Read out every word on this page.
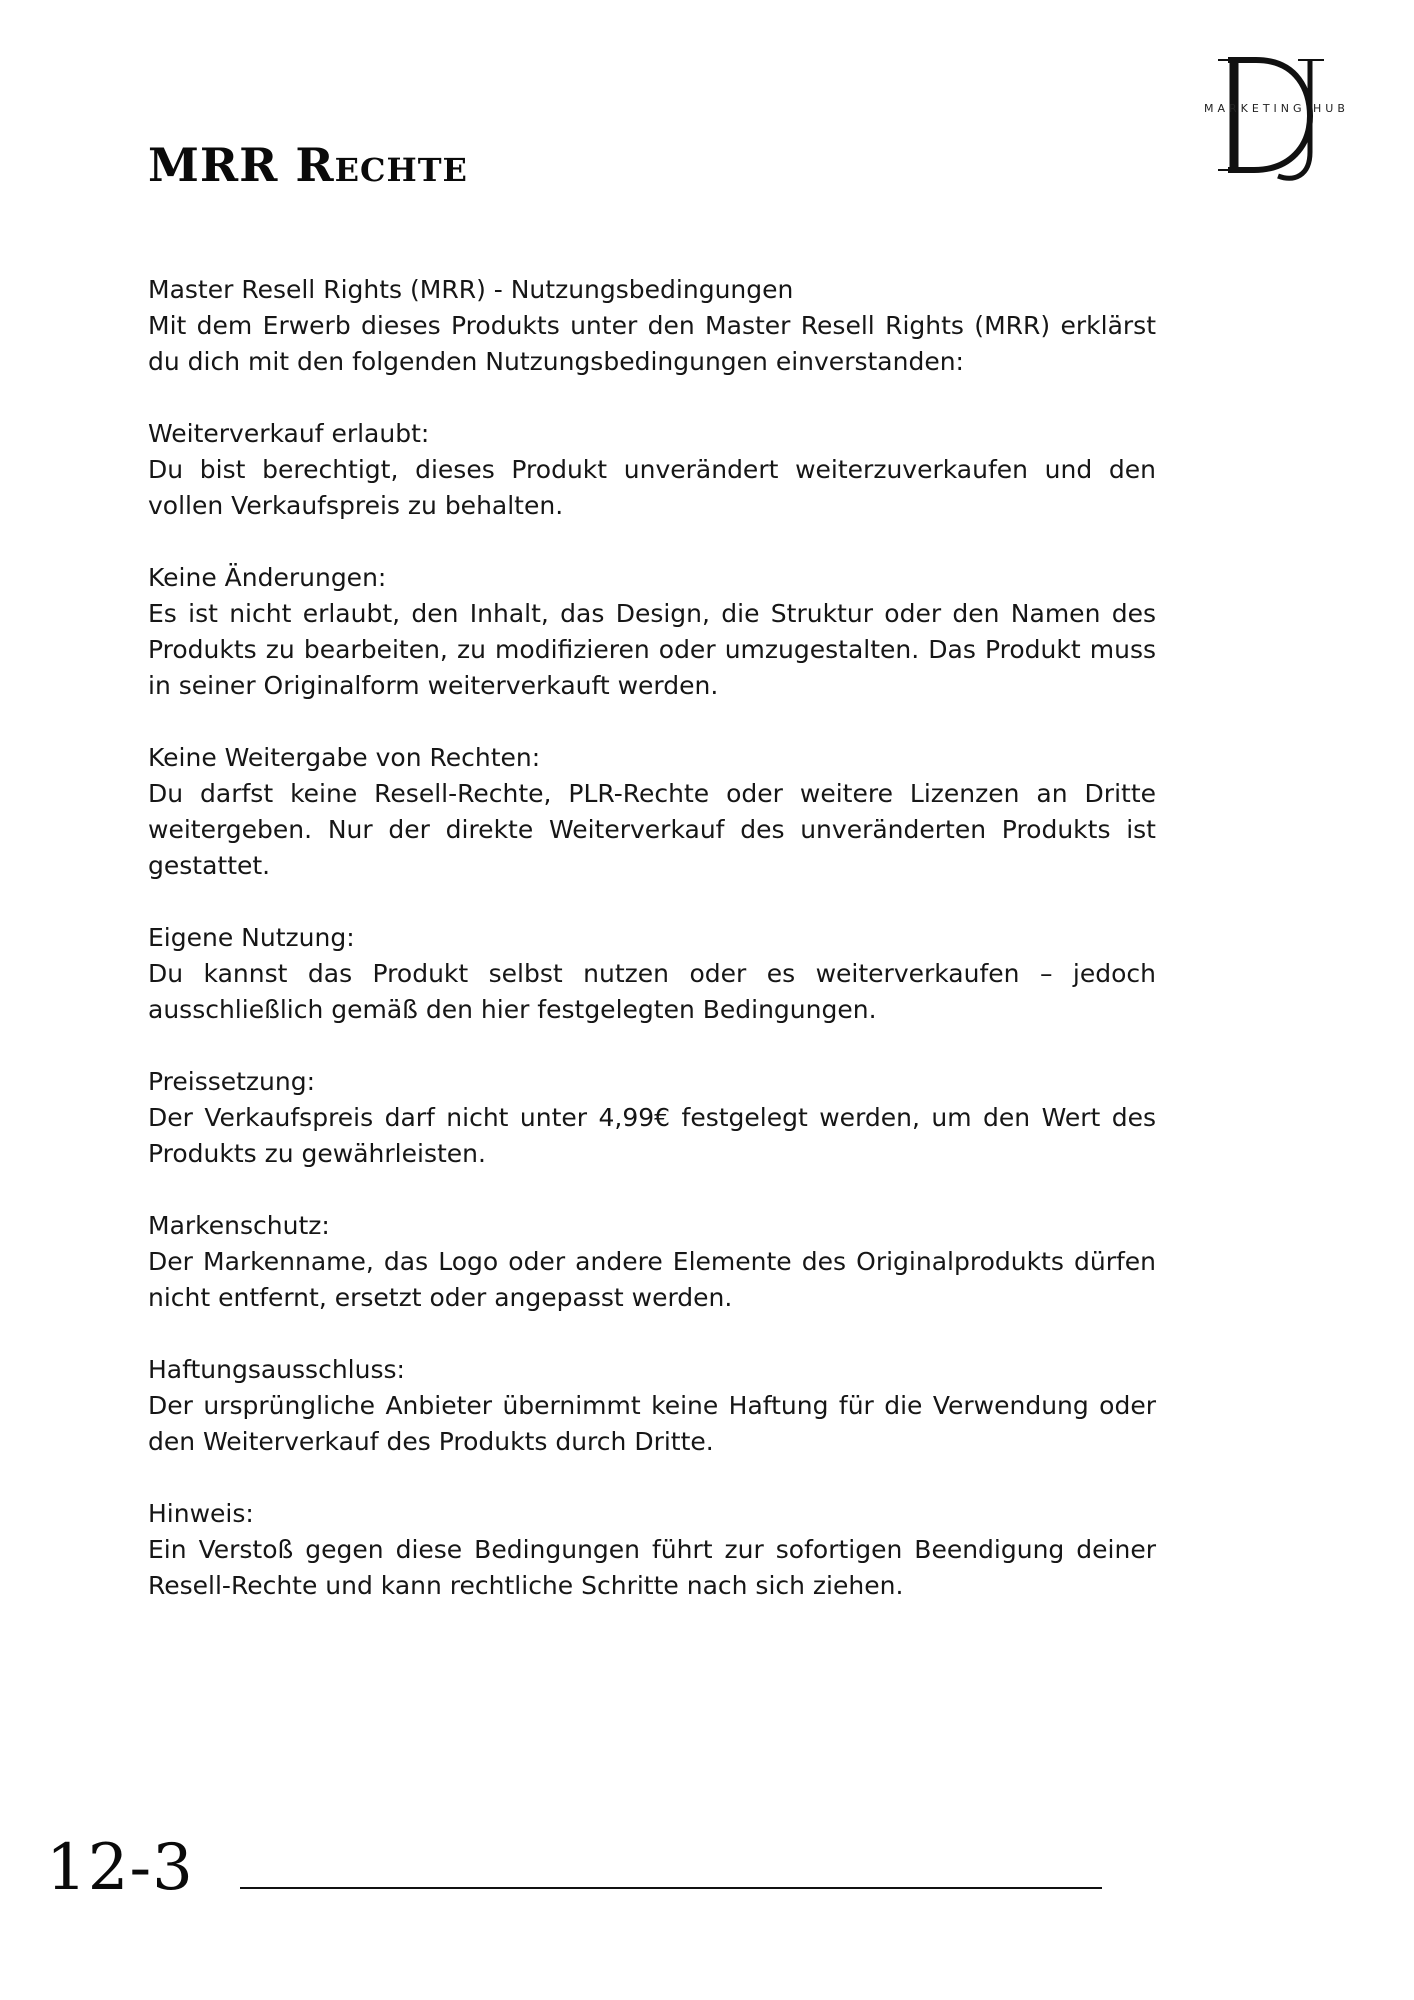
MARKETING HUB
MRR Rechte

Master Resell Rights (MRR) - Nutzungsbedingungen

Mit dem Erwerb dieses Produkts unter den Master Resell Rights (MRR) erklärst du dich mit den folgenden Nutzungsbedingungen einverstanden:

Weiterverkauf erlaubt:

Du bist berechtigt, dieses Produkt unverändert weiterzuverkaufen und den vollen Verkaufspreis zu behalten.

Keine Änderungen:

Es ist nicht erlaubt, den Inhalt, das Design, die Struktur oder den Namen des Produkts zu bearbeiten, zu modifizieren oder umzugestalten. Das Produkt muss in seiner Originalform weiterverkauft werden.

Keine Weitergabe von Rechten:

Du darfst keine Resell-Rechte, PLR-Rechte oder weitere Lizenzen an Dritte weitergeben. Nur der direkte Weiterverkauf des unveränderten Produkts ist gestattet.

Eigene Nutzung:

Du kannst das Produkt selbst nutzen oder es weiterverkaufen – jedoch ausschließlich gemäß den hier festgelegten Bedingungen.

Preissetzung:

Der Verkaufspreis darf nicht unter 4,99€ festgelegt werden, um den Wert des Produkts zu gewährleisten.

Markenschutz:

Der Markenname, das Logo oder andere Elemente des Originalprodukts dürfen nicht entfernt, ersetzt oder angepasst werden.

Haftungsausschluss:

Der ursprüngliche Anbieter übernimmt keine Haftung für die Verwendung oder den Weiterverkauf des Produkts durch Dritte.

Hinweis:

Ein Verstoß gegen diese Bedingungen führt zur sofortigen Beendigung deiner Resell-Rechte und kann rechtliche Schritte nach sich ziehen.

12-3
